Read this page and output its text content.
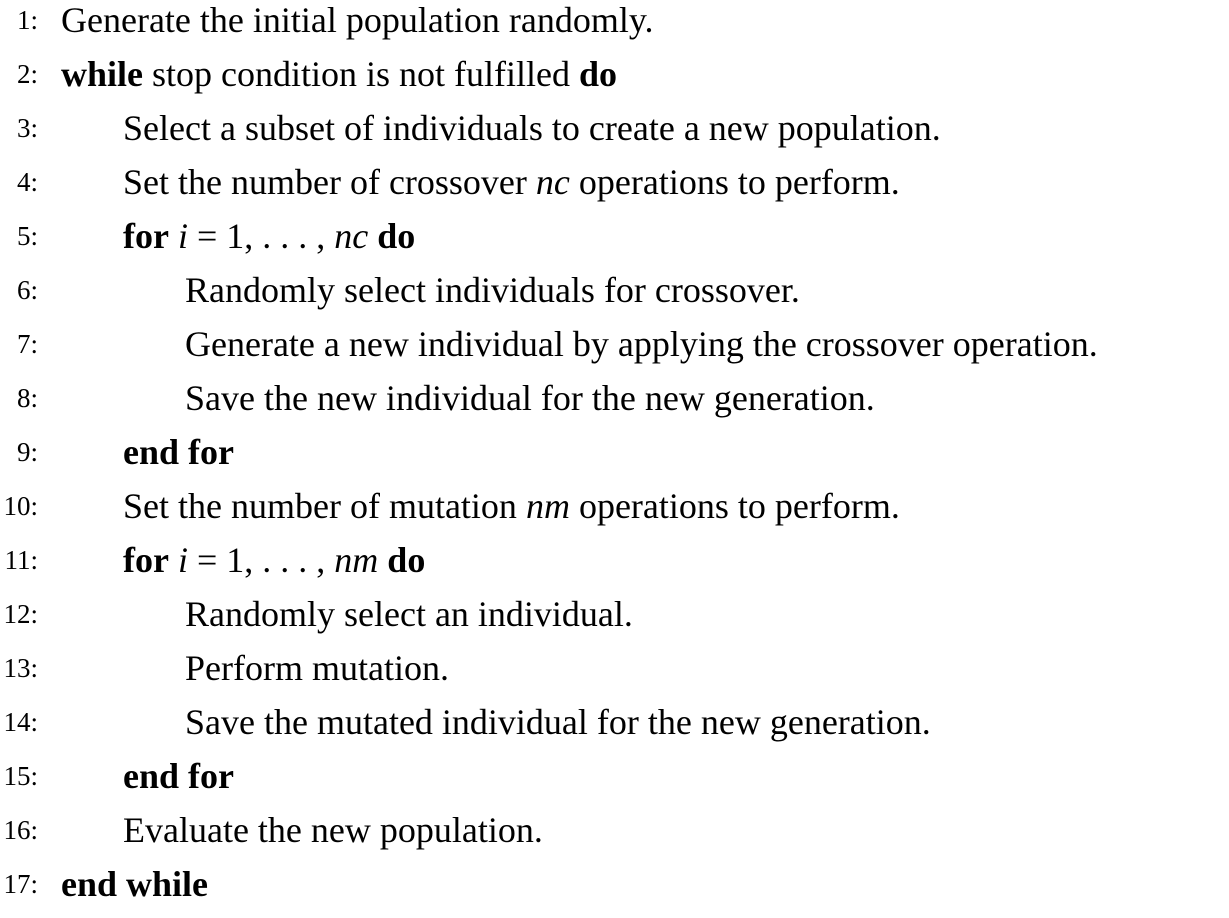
1: Generate the initial population randomly.
2: while stop condition is not fulfilled do
3: Select a subset of individuals to create a new population.
4: Set the number of crossover nc operations to perform.
5: for i = 1, . . . , nc do
6:	Randomly select individuals for crossover.
7:	Generate a new individual by applying the crossover operation.
8:	Save the new individual for the new generation.
9: end for
10: Set the number of mutation nm operations to perform.
11: for i = 1, . . . , nm do
12:	Randomly select an individual.
13:	Perform mutation.
14:	Save the mutated individual for the new generation.
15: end for
16: Evaluate the new population.
17: end while
